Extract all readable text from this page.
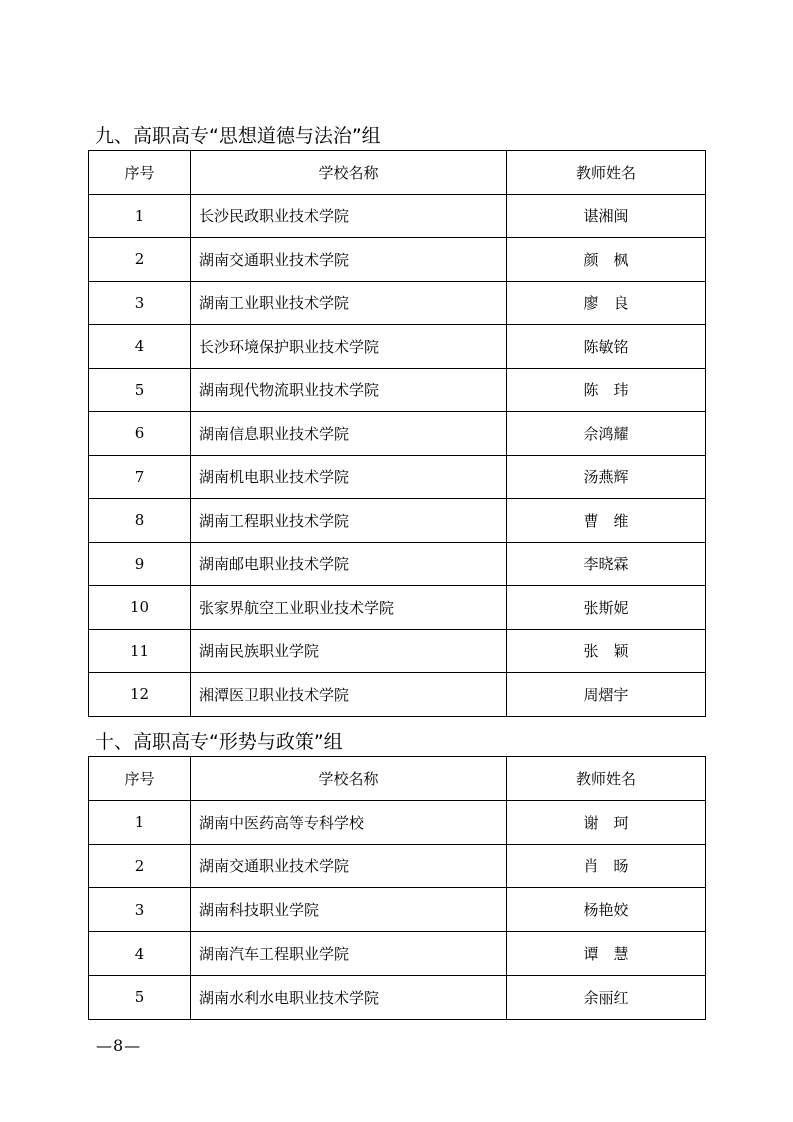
九、高职高专“思想道德与法治”组
序号	学校名称	教师姓名
1	长沙民政职业技术学院	谌湘闽
2	湖南交通职业技术学院	颜　枫
3	湖南工业职业技术学院	廖　良
4	长沙环境保护职业技术学院	陈敏铭
5	湖南现代物流职业技术学院	陈　玮
6	湖南信息职业技术学院	佘鸿耀
7	湖南机电职业技术学院	汤燕辉
8	湖南工程职业技术学院	曹　维
9	湖南邮电职业技术学院	李晓霖
10	张家界航空工业职业技术学院	张斯妮
11	湖南民族职业学院	张　颖
12	湘潭医卫职业技术学院	周熠宇
十、高职高专“形势与政策”组
序号	学校名称	教师姓名
1	湖南中医药高等专科学校	谢　珂
2	湖南交通职业技术学院	肖　旸
3	湖南科技职业学院	杨艳姣
4	湖南汽车工程职业学院	谭　慧
5	湖南水利水电职业技术学院	余丽红
—8—
